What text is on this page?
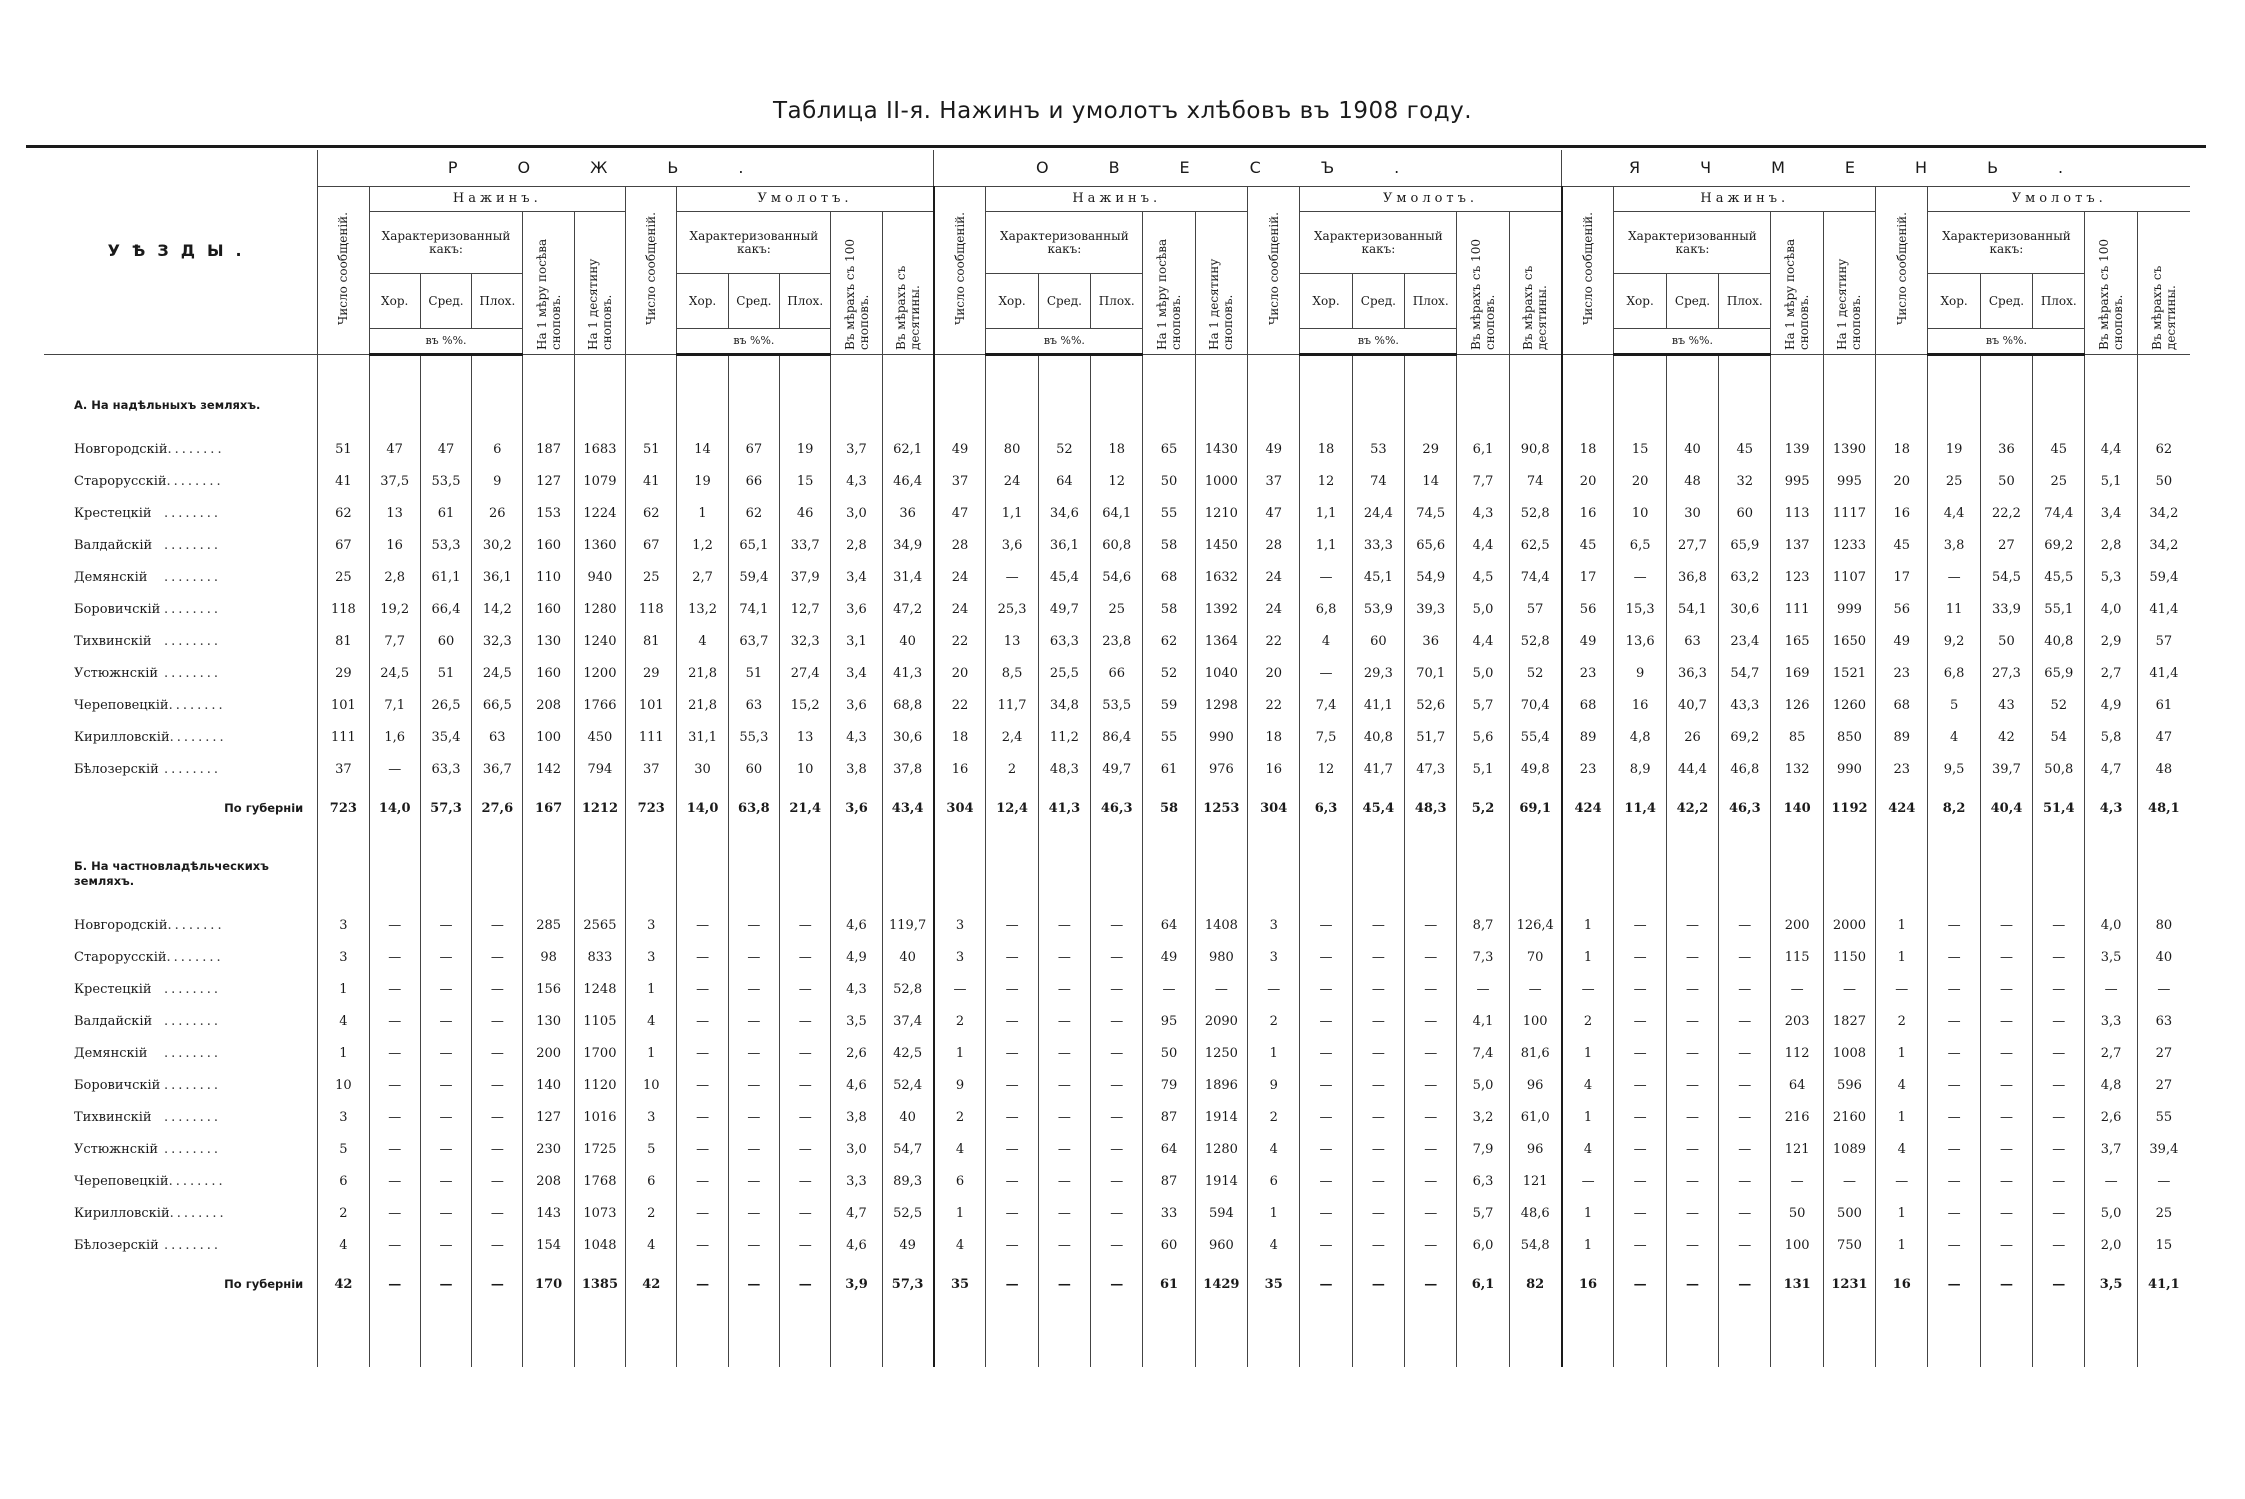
Таблица II-я. Нажинъ и умолотъ хлѣбовъ въ 1908 году.
УѢЗДЫ.	РОЖЬ.												ОВЕСЪ.												ЯЧМЕНЬ.											
	Число сообщеній.	Нажинъ.					Число сообщеній.	Умолотъ.					Число сообщеній.	Нажинъ.					Число сообщеній.	Умолотъ.					Число сообщеній.	Нажинъ.					Число сообщеній.	Умолотъ.				
		Характеризованный какъ:			На 1 мѣру посѣва сноповъ.	На 1 десятину сноповъ.		Характеризованный какъ:			Въ мѣрахъ съ 100 сноповъ.	Въ мѣрахъ съ десятины.		Характеризованный какъ:			На 1 мѣру посѣва сноповъ.	На 1 десятину сноповъ.		Характеризованный какъ:			Въ мѣрахъ съ 100 сноповъ.	Въ мѣрахъ съ десятины.		Характеризованный какъ:			На 1 мѣру посѣва сноповъ.	На 1 десятину сноповъ.		Характеризованный какъ:			Въ мѣрахъ съ 100 сноповъ.	Въ мѣрахъ съ десятины.
		Хор.	Сред.	Плох.				Хор.	Сред.	Плох.				Хор.	Сред.	Плох.				Хор.	Сред.	Плох.				Хор.	Сред.	Плох.				Хор.	Сред.	Плох.		
		въ %%.						въ %%.						въ %%.						въ %%.						въ %%.						въ %%.				
А. На надѣльныхъ земляхъ.																																				

Новгородскій........	51	47	47	6	187	1683	51	14	67	19	3,7	62,1	49	80	52	18	65	1430	49	18	53	29	6,1	90,8	18	15	40	45	139	1390	18	19	36	45	4,4	62
Старорусскій........	41	37,5	53,5	9	127	1079	41	19	66	15	4,3	46,4	37	24	64	12	50	1000	37	12	74	14	7,7	74	20	20	48	32	995	995	20	25	50	25	5,1	50
Крестецкій ........	62	13	61	26	153	1224	62	1	62	46	3,0	36	47	1,1	34,6	64,1	55	1210	47	1,1	24,4	74,5	4,3	52,8	16	10	30	60	113	1117	16	4,4	22,2	74,4	3,4	34,2
Валдайскій ........	67	16	53,3	30,2	160	1360	67	1,2	65,1	33,7	2,8	34,9	28	3,6	36,1	60,8	58	1450	28	1,1	33,3	65,6	4,4	62,5	45	6,5	27,7	65,9	137	1233	45	3,8	27	69,2	2,8	34,2
Демянскій ........	25	2,8	61,1	36,1	110	940	25	2,7	59,4	37,9	3,4	31,4	24	—	45,4	54,6	68	1632	24	—	45,1	54,9	4,5	74,4	17	—	36,8	63,2	123	1107	17	—	54,5	45,5	5,3	59,4
Боровичскій ........	118	19,2	66,4	14,2	160	1280	118	13,2	74,1	12,7	3,6	47,2	24	25,3	49,7	25	58	1392	24	6,8	53,9	39,3	5,0	57	56	15,3	54,1	30,6	111	999	56	11	33,9	55,1	4,0	41,4
Тихвинскій ........	81	7,7	60	32,3	130	1240	81	4	63,7	32,3	3,1	40	22	13	63,3	23,8	62	1364	22	4	60	36	4,4	52,8	49	13,6	63	23,4	165	1650	49	9,2	50	40,8	2,9	57
Устюжнскій ........	29	24,5	51	24,5	160	1200	29	21,8	51	27,4	3,4	41,3	20	8,5	25,5	66	52	1040	20	—	29,3	70,1	5,0	52	23	9	36,3	54,7	169	1521	23	6,8	27,3	65,9	2,7	41,4
Череповецкій........	101	7,1	26,5	66,5	208	1766	101	21,8	63	15,2	3,6	68,8	22	11,7	34,8	53,5	59	1298	22	7,4	41,1	52,6	5,7	70,4	68	16	40,7	43,3	126	1260	68	5	43	52	4,9	61
Кирилловскій........	111	1,6	35,4	63	100	450	111	31,1	55,3	13	4,3	30,6	18	2,4	11,2	86,4	55	990	18	7,5	40,8	51,7	5,6	55,4	89	4,8	26	69,2	85	850	89	4	42	54	5,8	47
Бѣлозерскій ........	37	—	63,3	36,7	142	794	37	30	60	10	3,8	37,8	16	2	48,3	49,7	61	976	16	12	41,7	47,3	5,1	49,8	23	8,9	44,4	46,8	132	990	23	9,5	39,7	50,8	4,7	48
По губерніи	723	14,0	57,3	27,6	167	1212	723	14,0	63,8	21,4	3,6	43,4	304	12,4	41,3	46,3	58	1253	304	6,3	45,4	48,3	5,2	69,1	424	11,4	42,2	46,3	140	1192	424	8,2	40,4	51,4	4,3	48,1
Б. На частновладѣльческихъ земляхъ.																																				

Новгородскій........	3	—	—	—	285	2565	3	—	—	—	4,6	119,7	3	—	—	—	64	1408	3	—	—	—	8,7	126,4	1	—	—	—	200	2000	1	—	—	—	4,0	80
Старорусскій........	3	—	—	—	98	833	3	—	—	—	4,9	40	3	—	—	—	49	980	3	—	—	—	7,3	70	1	—	—	—	115	1150	1	—	—	—	3,5	40
Крестецкій ........	1	—	—	—	156	1248	1	—	—	—	4,3	52,8	—	—	—	—	—	—	—	—	—	—	—	—	—	—	—	—	—	—	—	—	—	—	—	—
Валдайскій ........	4	—	—	—	130	1105	4	—	—	—	3,5	37,4	2	—	—	—	95	2090	2	—	—	—	4,1	100	2	—	—	—	203	1827	2	—	—	—	3,3	63
Демянскій ........	1	—	—	—	200	1700	1	—	—	—	2,6	42,5	1	—	—	—	50	1250	1	—	—	—	7,4	81,6	1	—	—	—	112	1008	1	—	—	—	2,7	27
Боровичскій ........	10	—	—	—	140	1120	10	—	—	—	4,6	52,4	9	—	—	—	79	1896	9	—	—	—	5,0	96	4	—	—	—	64	596	4	—	—	—	4,8	27
Тихвинскій ........	3	—	—	—	127	1016	3	—	—	—	3,8	40	2	—	—	—	87	1914	2	—	—	—	3,2	61,0	1	—	—	—	216	2160	1	—	—	—	2,6	55
Устюжнскій ........	5	—	—	—	230	1725	5	—	—	—	3,0	54,7	4	—	—	—	64	1280	4	—	—	—	7,9	96	4	—	—	—	121	1089	4	—	—	—	3,7	39,4
Череповецкій........	6	—	—	—	208	1768	6	—	—	—	3,3	89,3	6	—	—	—	87	1914	6	—	—	—	6,3	121	—	—	—	—	—	—	—	—	—	—	—	—
Кирилловскій........	2	—	—	—	143	1073	2	—	—	—	4,7	52,5	1	—	—	—	33	594	1	—	—	—	5,7	48,6	1	—	—	—	50	500	1	—	—	—	5,0	25
Бѣлозерскій ........	4	—	—	—	154	1048	4	—	—	—	4,6	49	4	—	—	—	60	960	4	—	—	—	6,0	54,8	1	—	—	—	100	750	1	—	—	—	2,0	15
По губерніи	42	—	—	—	170	1385	42	—	—	—	3,9	57,3	35	—	—	—	61	1429	35	—	—	—	6,1	82	16	—	—	—	131	1231	16	—	—	—	3,5	41,1
